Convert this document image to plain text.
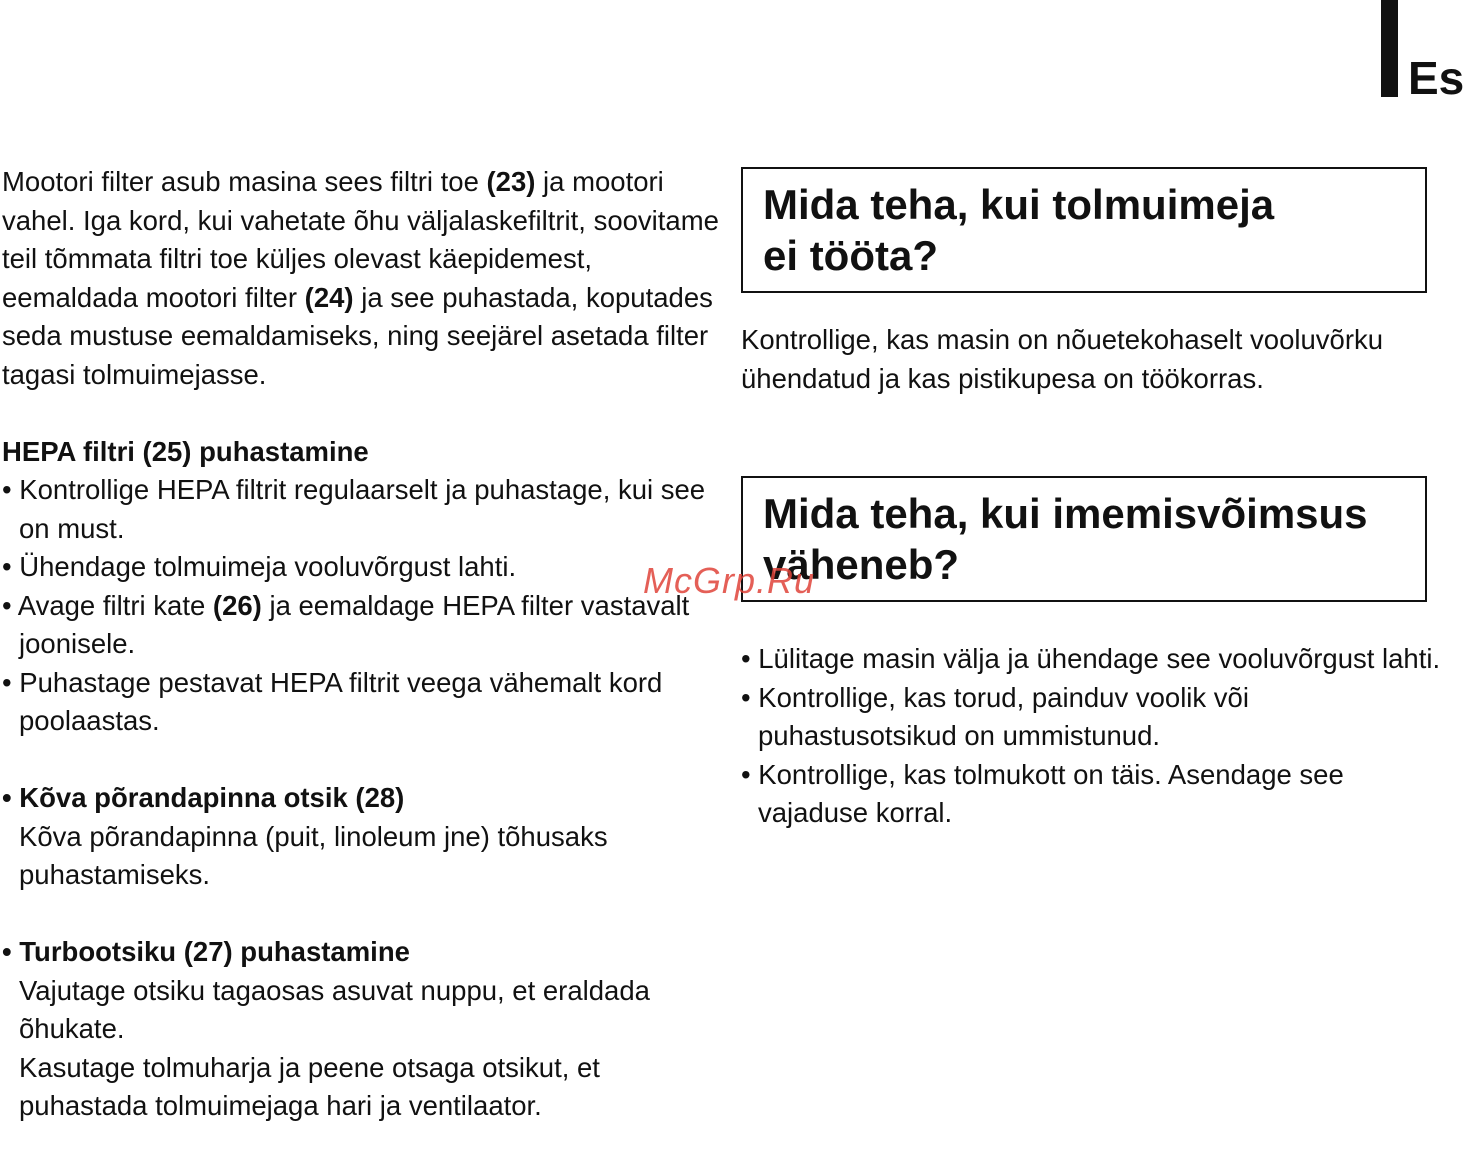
Es

Mootori filter asub masina sees filtri toe (23) ja mootori vahel. Iga kord, kui vahetate õhu väljalaskefiltrit, soovitame teil tõmmata filtri toe küljes olevast käepidemest, eemaldada mootori filter (24) ja see puhastada, koputades seda mustuse eemaldamiseks, ning seejärel asetada filter tagasi tolmuimejasse.

HEPA filtri (25) puhastamine

• Kontrollige HEPA filtrit regulaarselt ja puhastage, kui see on must.

• Ühendage tolmuimeja vooluvõrgust lahti.

• Avage filtri kate (26) ja eemaldage HEPA filter vastavalt joonisele.

• Puhastage pestavat HEPA filtrit veega vähemalt kord poolaastas.

• Kõva põrandapinna otsik (28)

Kõva põrandapinna (puit, linoleum jne) tõhusaks puhastamiseks.

• Turbootsiku (27) puhastamine

Vajutage otsiku tagaosas asuvat nuppu, et eraldada õhukate.

Kasutage tolmuharja ja peene otsaga otsikut, et puhastada tolmuimejaga hari ja ventilaator.

Mida teha, kui tolmuimeja
ei tööta?

Kontrollige, kas masin on nõuetekohaselt vooluvõrku ühendatud ja kas pistikupesa on töökorras.

Mida teha, kui imemisvõimsus
väheneb?

• Lülitage masin välja ja ühendage see vooluvõrgust lahti.

• Kontrollige, kas torud, painduv voolik või puhastusotsikud on ummistunud.

• Kontrollige, kas tolmukott on täis. Asendage see vajaduse korral.

McGrp.Ru
